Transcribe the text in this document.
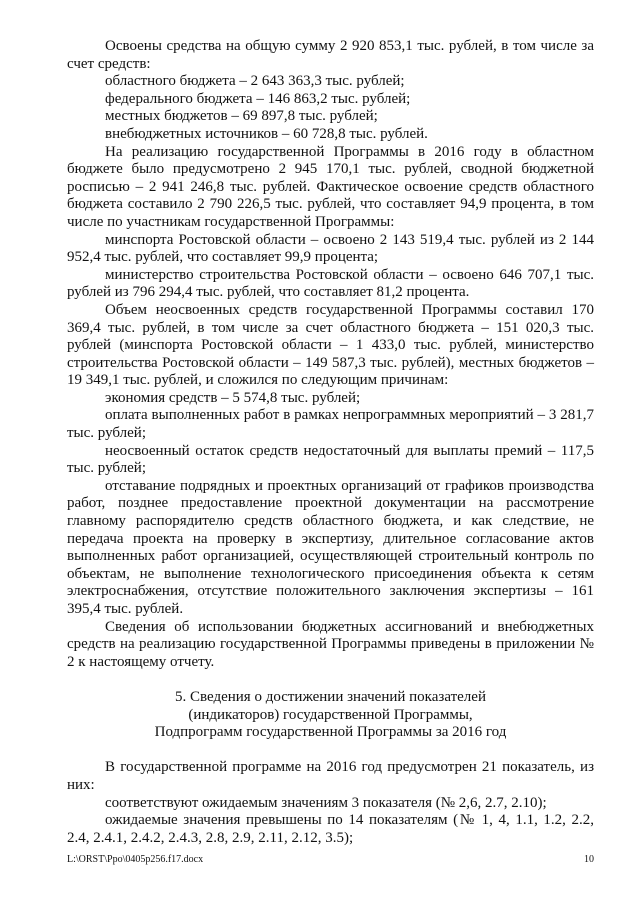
Освоены средства на общую сумму 2 920 853,1 тыс. рублей, в том числе за счет средств:

областного бюджета – 2 643 363,3 тыс. рублей;

федерального бюджета – 146 863,2 тыс. рублей;

местных бюджетов – 69 897,8 тыс. рублей;

внебюджетных источников – 60 728,8 тыс. рублей.

На реализацию государственной Программы в 2016 году в областном бюджете было предусмотрено 2 945 170,1 тыс. рублей, сводной бюджетной росписью – 2 941 246,8 тыс. рублей. Фактическое освоение средств областного бюджета составило 2 790 226,5 тыс. рублей, что составляет 94,9 процента, в том числе по участникам государственной Программы:

минспорта Ростовской области – освоено 2 143 519,4 тыс. рублей из 2 144 952,4 тыс. рублей, что составляет 99,9 процента;

министерство строительства Ростовской области – освоено 646 707,1 тыс. рублей из 796 294,4 тыс. рублей, что составляет 81,2 процента.

Объем неосвоенных средств государственной Программы составил 170 369,4 тыс. рублей, в том числе за счет областного бюджета – 151 020,3 тыс. рублей (минспорта Ростовской области – 1 433,0 тыс. рублей, министерство строительства Ростовской области – 149 587,3 тыс. рублей), местных бюджетов – 19 349,1 тыс. рублей, и сложился по следующим причинам:

экономия средств – 5 574,8 тыс. рублей;

оплата выполненных работ в рамках непрограммных мероприятий – 3 281,7 тыс. рублей;

неосвоенный остаток средств недостаточный для выплаты премий – 117,5 тыс. рублей;

отставание подрядных и проектных организаций от графиков производства работ, позднее предоставление проектной документации на рассмотрение главному распорядителю средств областного бюджета, и как следствие, не передача проекта на проверку в экспертизу, длительное согласование актов выполненных работ организацией, осуществляющей строительный контроль по объектам, не выполнение технологического присоединения объекта к сетям электроснабжения, отсутствие положительного заключения экспертизы – 161 395,4 тыс. рублей.

Сведения об использовании бюджетных ассигнований и внебюджетных средств на реализацию государственной Программы приведены в приложении № 2 к настоящему отчету.

5. Сведения о достижении значений показателей

(индикаторов) государственной Программы,

Подпрограмм государственной Программы за 2016 год

В государственной программе на 2016 год предусмотрен 21 показатель, из них:

соответствуют ожидаемым значениям 3 показателя (№ 2,6, 2.7, 2.10);

ожидаемые значения превышены по 14 показателям (№ 1, 4, 1.1, 1.2, 2.2, 2.4, 2.4.1, 2.4.2, 2.4.3, 2.8, 2.9, 2.11, 2.12, 3.5);

L:\ORST\Ppo\0405p256.f17.docx	10
